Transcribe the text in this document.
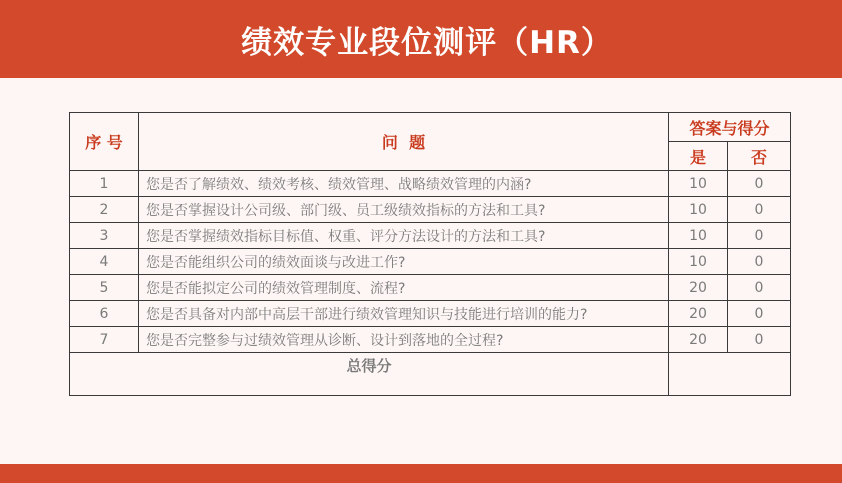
绩效专业段位测评（HR）
序 号	问  题	答案与得分	
		是	否
1	您是否了解绩效、绩效考核、绩效管理、战略绩效管理的内涵?	10	0
2	您是否掌握设计公司级、部门级、员工级绩效指标的方法和工具?	10	0
3	您是否掌握绩效指标目标值、权重、评分方法设计的方法和工具?	10	0
4	您是否能组织公司的绩效面谈与改进工作?	10	0
5	您是否能拟定公司的绩效管理制度、流程?	20	0
6	您是否具备对内部中高层干部进行绩效管理知识与技能进行培训的能力?	20	0
7	您是否完整参与过绩效管理从诊断、设计到落地的全过程?	20	0
总得分			
